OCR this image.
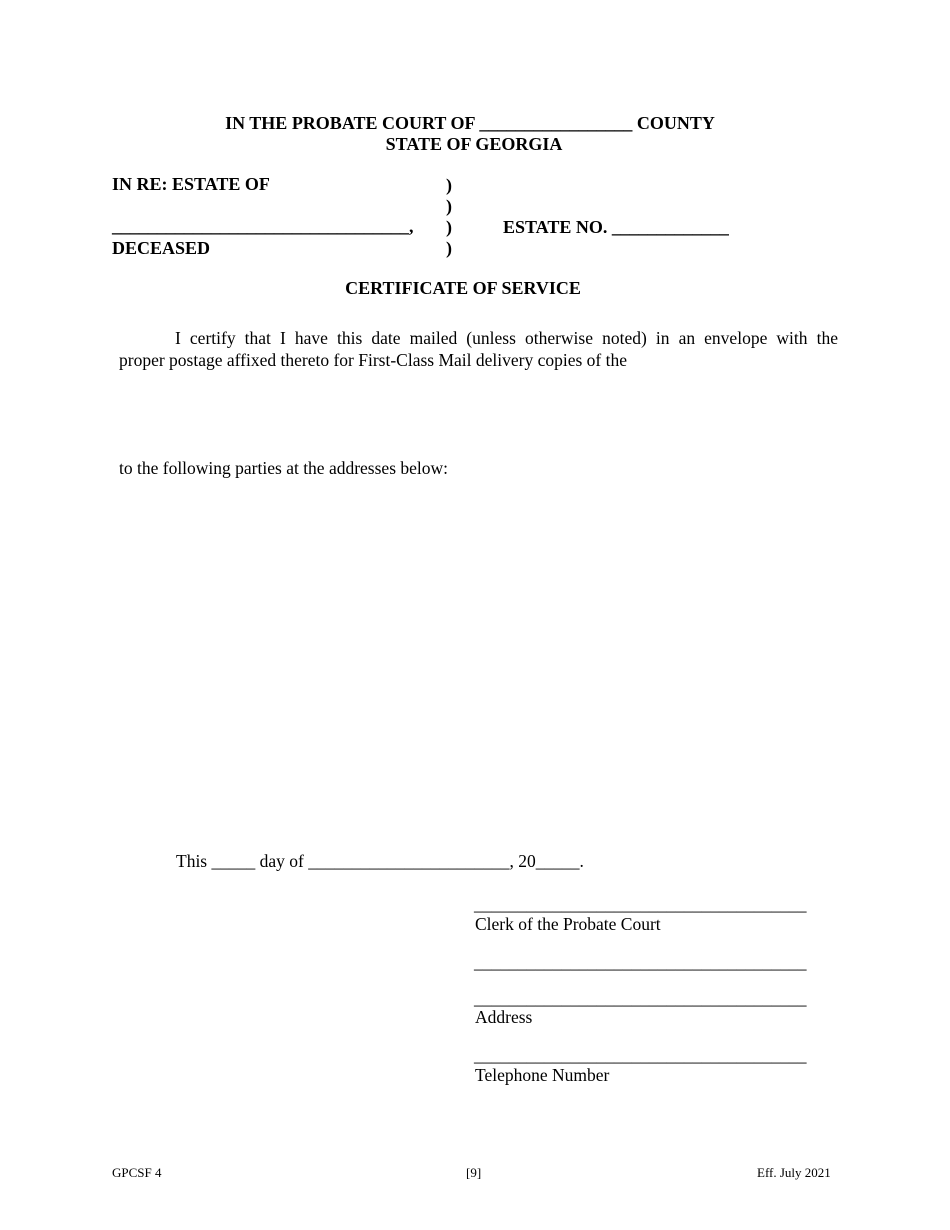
IN THE PROBATE COURT OF _________________ COUNTY
STATE OF GEORGIA
IN RE: ESTATE OF
_________________________________,
DECEASED
)
)
)
)
ESTATE NO. _____________
CERTIFICATE OF SERVICE
I certify that I have this date mailed (unless otherwise noted) in an envelope with the
proper postage affixed thereto for First-Class Mail delivery copies of the
to the following parties at the addresses below:
This _____ day of _______________________, 20_____.
______________________________________
Clerk of the Probate Court
______________________________________
______________________________________
Address
______________________________________
Telephone Number
GPCSF 4	[9]	Eff. July 2021
